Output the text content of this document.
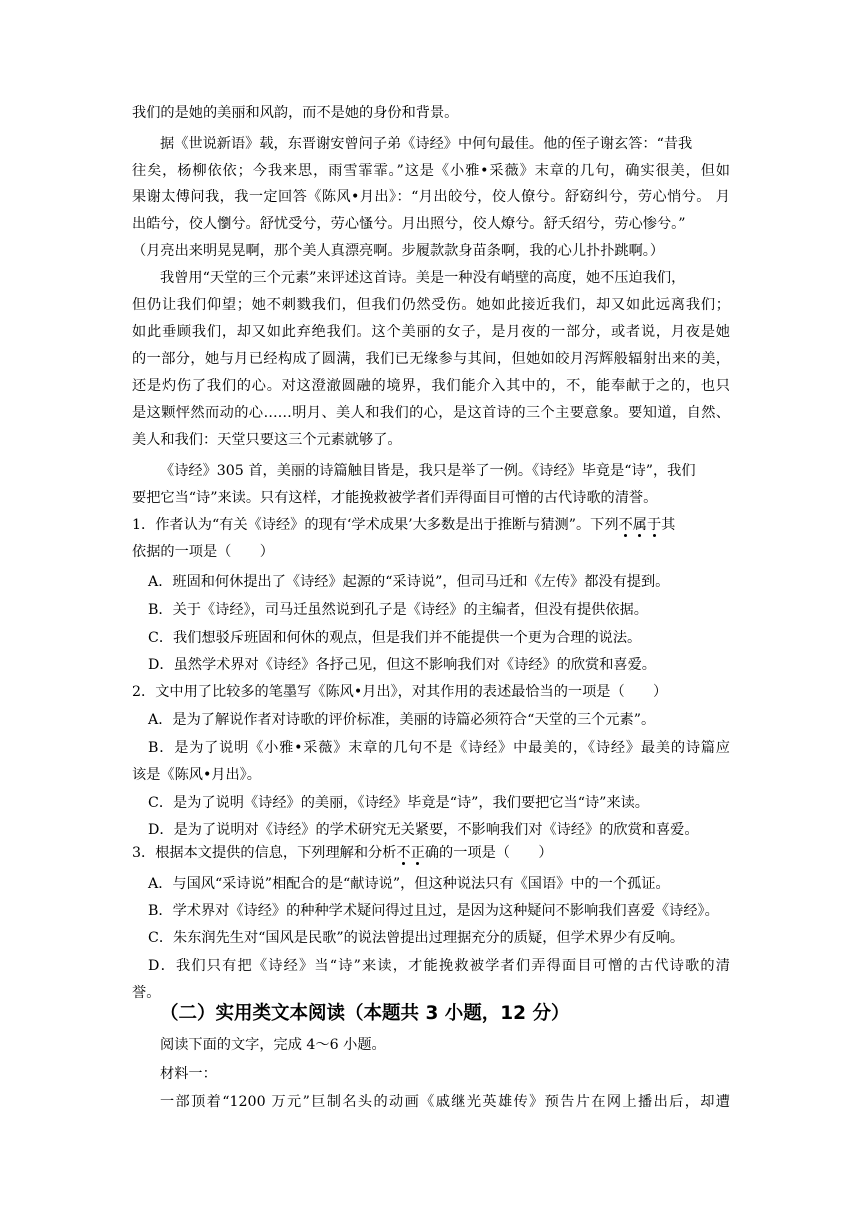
我们的是她的美丽和风韵，而不是她的身份和背景。
据《世说新语》载，东晋谢安曾问子弟《诗经》中何句最佳。他的侄子谢玄答：“昔我
往矣，杨柳依依；今我来思，雨雪霏霏。”这是《小雅•采薇》末章的几句，确实很美，但如
果谢太傅问我，我一定回答《陈风•月出》：“月出皎兮，佼人僚兮。舒窈纠兮，劳心悄兮。 月
出皓兮，佼人懰兮。舒忧受兮，劳心慅兮。月出照兮，佼人燎兮。舒夭绍兮，劳心惨兮。”
（月亮出来明晃晃啊，那个美人真漂亮啊。步履款款身苗条啊，我的心儿扑扑跳啊。）
我曾用“天堂的三个元素”来评述这首诗。美是一种没有峭壁的高度，她不压迫我们，
但仍让我们仰望；她不刺戮我们，但我们仍然受伤。她如此接近我们，却又如此远离我们；
如此垂顾我们，却又如此弃绝我们。这个美丽的女子，是月夜的一部分，或者说，月夜是她
的一部分，她与月已经构成了圆满，我们已无缘参与其间，但她如皎月泻辉般辐射出来的美，
还是灼伤了我们的心。对这澄澈圆融的境界，我们能介入其中的，不，能奉献于之的，也只
是这颗怦然而动的心……明月、美人和我们的心，是这首诗的三个主要意象。要知道，自然、
美人和我们：天堂只要这三个元素就够了。
《诗经》305 首，美丽的诗篇触目皆是，我只是举了一例。《诗经》毕竟是“诗”，我们
要把它当“诗”来读。只有这样，才能挽救被学者们弄得面目可憎的古代诗歌的清誉。
1．作者认为“有关《诗经》的现有‘学术成果’大多数是出于推断与猜测”。下列不属于其
依据的一项是（　　）
A．班固和何休提出了《诗经》起源的“采诗说”，但司马迁和《左传》都没有提到。
B．关于《诗经》，司马迁虽然说到孔子是《诗经》的主编者，但没有提供依据。
C．我们想驳斥班固和何休的观点，但是我们并不能提供一个更为合理的说法。
D．虽然学术界对《诗经》各抒己见，但这不影响我们对《诗经》的欣赏和喜爱。
2．文中用了比较多的笔墨写《陈风•月出》，对其作用的表述最恰当的一项是（　　）
A．是为了解说作者对诗歌的评价标准，美丽的诗篇必须符合“天堂的三个元素”。
B．是为了说明《小雅•采薇》末章的几句不是《诗经》中最美的，《诗经》最美的诗篇应
该是《陈风•月出》。
C．是为了说明《诗经》的美丽，《诗经》毕竟是“诗”，我们要把它当“诗”来读。
D．是为了说明对《诗经》的学术研究无关紧要，不影响我们对《诗经》的欣赏和喜爱。
3．根据本文提供的信息，下列理解和分析不正确的一项是（　　）
A．与国风“采诗说”相配合的是“献诗说”，但这种说法只有《国语》中的一个孤证。
B．学术界对《诗经》的种种学术疑问得过且过，是因为这种疑问不影响我们喜爱《诗经》。
C．朱东润先生对“国风是民歌”的说法曾提出过理据充分的质疑，但学术界少有反响。
D．我们只有把《诗经》当“诗”来读，才能挽救被学者们弄得面目可憎的古代诗歌的清
誉。
（二）实用类文本阅读（本题共 3 小题，12 分）
阅读下面的文字，完成 4～6 小题。
材料一：
一部顶着“1200 万元”巨制名头的动画《戚继光英雄传》预告片在网上播出后，却遭
